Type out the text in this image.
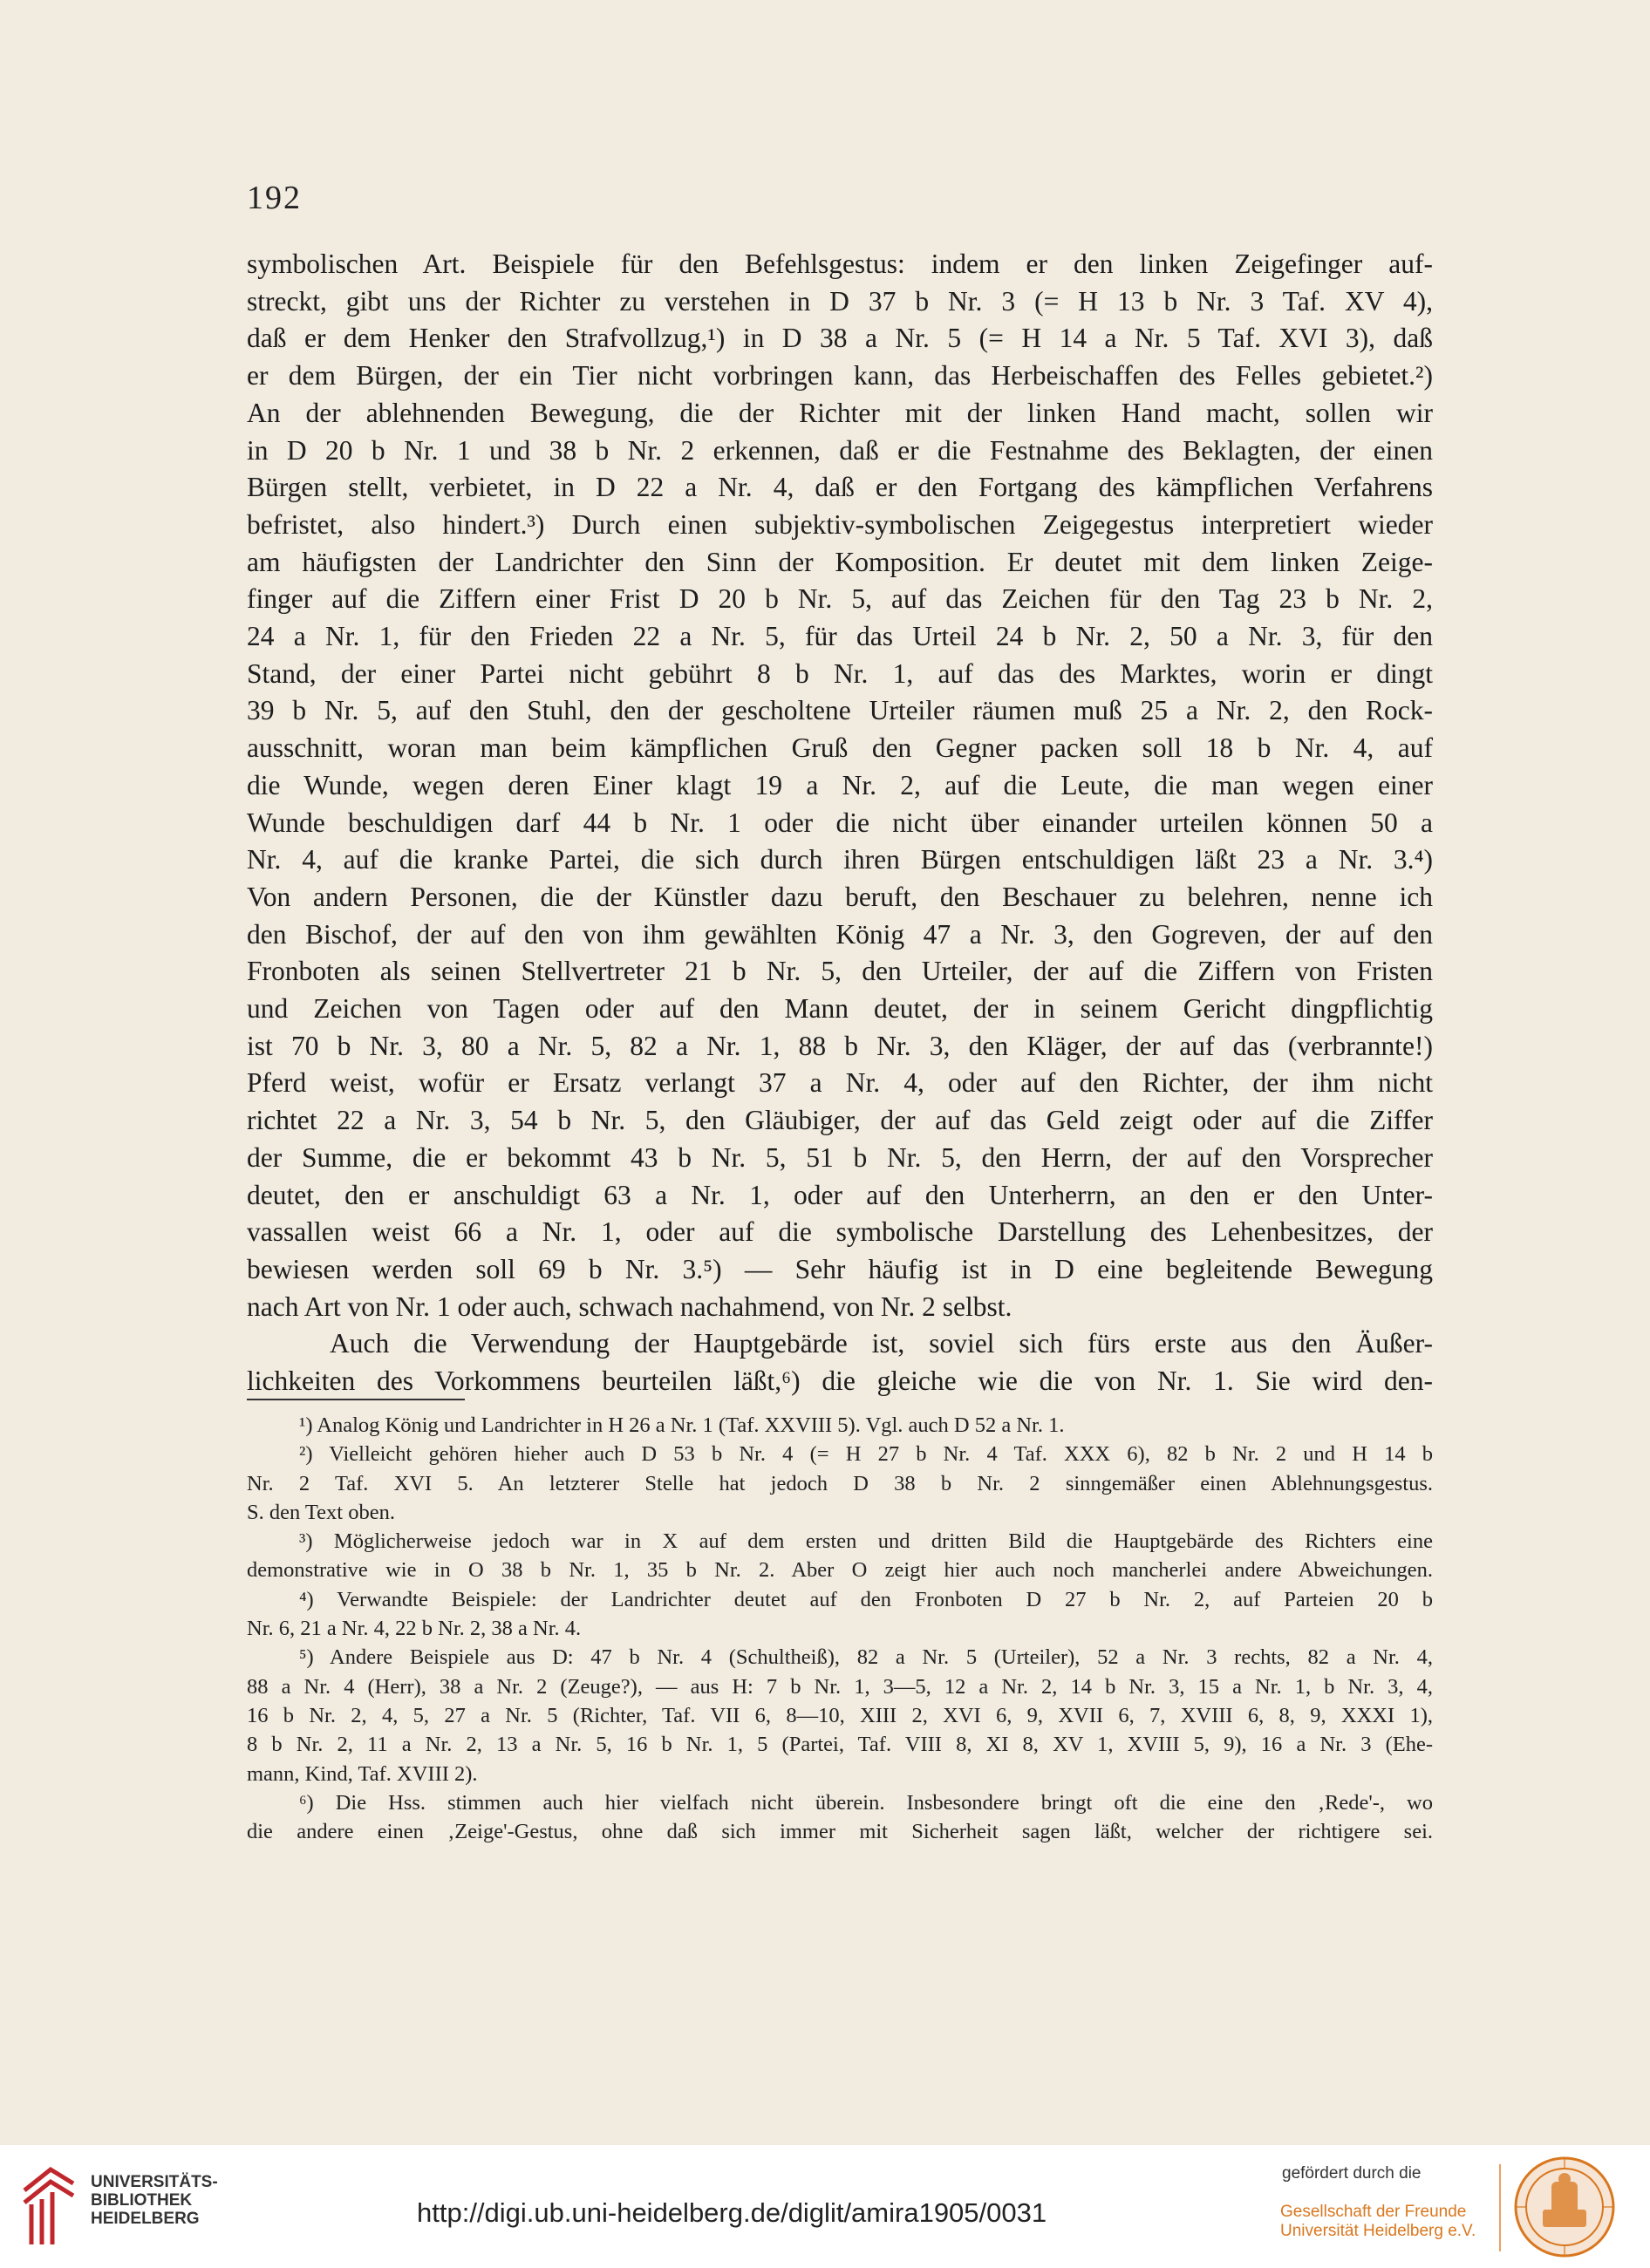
192
symbolischen Art. Beispiele für den Befehlsgestus: indem er den linken Zeigefinger auf-
streckt, gibt uns der Richter zu verstehen in D 37 b Nr. 3 (= H 13 b Nr. 3 Taf. XV 4),
daß er dem Henker den Strafvollzug,¹) in D 38 a Nr. 5 (= H 14 a Nr. 5 Taf. XVI 3), daß
er dem Bürgen, der ein Tier nicht vorbringen kann, das Herbeischaffen des Felles gebietet.²)
An der ablehnenden Bewegung, die der Richter mit der linken Hand macht, sollen wir
in D 20 b Nr. 1 und 38 b Nr. 2 erkennen, daß er die Festnahme des Beklagten, der einen
Bürgen stellt, verbietet, in D 22 a Nr. 4, daß er den Fortgang des kämpflichen Verfahrens
befristet, also hindert.³) Durch einen subjektiv-symbolischen Zeigegestus interpretiert wieder
am häufigsten der Landrichter den Sinn der Komposition. Er deutet mit dem linken Zeige-
finger auf die Ziffern einer Frist D 20 b Nr. 5, auf das Zeichen für den Tag 23 b Nr. 2,
24 a Nr. 1, für den Frieden 22 a Nr. 5, für das Urteil 24 b Nr. 2, 50 a Nr. 3, für den
Stand, der einer Partei nicht gebührt 8 b Nr. 1, auf das des Marktes, worin er dingt
39 b Nr. 5, auf den Stuhl, den der gescholtene Urteiler räumen muß 25 a Nr. 2, den Rock-
ausschnitt, woran man beim kämpflichen Gruß den Gegner packen soll 18 b Nr. 4, auf
die Wunde, wegen deren Einer klagt 19 a Nr. 2, auf die Leute, die man wegen einer
Wunde beschuldigen darf 44 b Nr. 1 oder die nicht über einander urteilen können 50 a
Nr. 4, auf die kranke Partei, die sich durch ihren Bürgen entschuldigen läßt 23 a Nr. 3.⁴)
Von andern Personen, die der Künstler dazu beruft, den Beschauer zu belehren, nenne ich
den Bischof, der auf den von ihm gewählten König 47 a Nr. 3, den Gogreven, der auf den
Fronboten als seinen Stellvertreter 21 b Nr. 5, den Urteiler, der auf die Ziffern von Fristen
und Zeichen von Tagen oder auf den Mann deutet, der in seinem Gericht dingpflichtig
ist 70 b Nr. 3, 80 a Nr. 5, 82 a Nr. 1, 88 b Nr. 3, den Kläger, der auf das (verbrannte!)
Pferd weist, wofür er Ersatz verlangt 37 a Nr. 4, oder auf den Richter, der ihm nicht
richtet 22 a Nr. 3, 54 b Nr. 5, den Gläubiger, der auf das Geld zeigt oder auf die Ziffer
der Summe, die er bekommt 43 b Nr. 5, 51 b Nr. 5, den Herrn, der auf den Vorsprecher
deutet, den er anschuldigt 63 a Nr. 1, oder auf den Unterherrn, an den er den Unter-
vassallen weist 66 a Nr. 1, oder auf die symbolische Darstellung des Lehenbesitzes, der
bewiesen werden soll 69 b Nr. 3.⁵) — Sehr häufig ist in D eine begleitende Bewegung
nach Art von Nr. 1 oder auch, schwach nachahmend, von Nr. 2 selbst.
Auch die Verwendung der Hauptgebärde ist, soviel sich fürs erste aus den Äußer-
lichkeiten des Vorkommens beurteilen läßt,⁶) die gleiche wie die von Nr. 1. Sie wird den-
¹) Analog König und Landrichter in H 26 a Nr. 1 (Taf. XXVIII 5). Vgl. auch D 52 a Nr. 1.
²) Vielleicht gehören hieher auch D 53 b Nr. 4 (= H 27 b Nr. 4 Taf. XXX 6), 82 b Nr. 2 und H 14 b
Nr. 2 Taf. XVI 5. An letzterer Stelle hat jedoch D 38 b Nr. 2 sinngemäßer einen Ablehnungsgestus.
S. den Text oben.
³) Möglicherweise jedoch war in X auf dem ersten und dritten Bild die Hauptgebärde des Richters eine
demonstrative wie in O 38 b Nr. 1, 35 b Nr. 2. Aber O zeigt hier auch noch mancherlei andere Abweichungen.
⁴) Verwandte Beispiele: der Landrichter deutet auf den Fronboten D 27 b Nr. 2, auf Parteien 20 b
Nr. 6, 21 a Nr. 4, 22 b Nr. 2, 38 a Nr. 4.
⁵) Andere Beispiele aus D: 47 b Nr. 4 (Schultheiß), 82 a Nr. 5 (Urteiler), 52 a Nr. 3 rechts, 82 a Nr. 4,
88 a Nr. 4 (Herr), 38 a Nr. 2 (Zeuge?), — aus H: 7 b Nr. 1, 3—5, 12 a Nr. 2, 14 b Nr. 3, 15 a Nr. 1, b Nr. 3, 4,
16 b Nr. 2, 4, 5, 27 a Nr. 5 (Richter, Taf. VII 6, 8—10, XIII 2, XVI 6, 9, XVII 6, 7, XVIII 6, 8, 9, XXXI 1),
8 b Nr. 2, 11 a Nr. 2, 13 a Nr. 5, 16 b Nr. 1, 5 (Partei, Taf. VIII 8, XI 8, XV 1, XVIII 5, 9), 16 a Nr. 3 (Ehe-
mann, Kind, Taf. XVIII 2).
⁶) Die Hss. stimmen auch hier vielfach nicht überein. Insbesondere bringt oft die eine den ‚Rede'-, wo
die andere einen ‚Zeige'-Gestus, ohne daß sich immer mit Sicherheit sagen läßt, welcher der richtigere sei.
UNIVERSITÄTS-
BIBLIOTHEK
HEIDELBERG	http://digi.ub.uni-heidelberg.de/diglit/amira1905/0031
gefördert durch die
Gesellschaft der Freunde
Universität Heidelberg e.V.
